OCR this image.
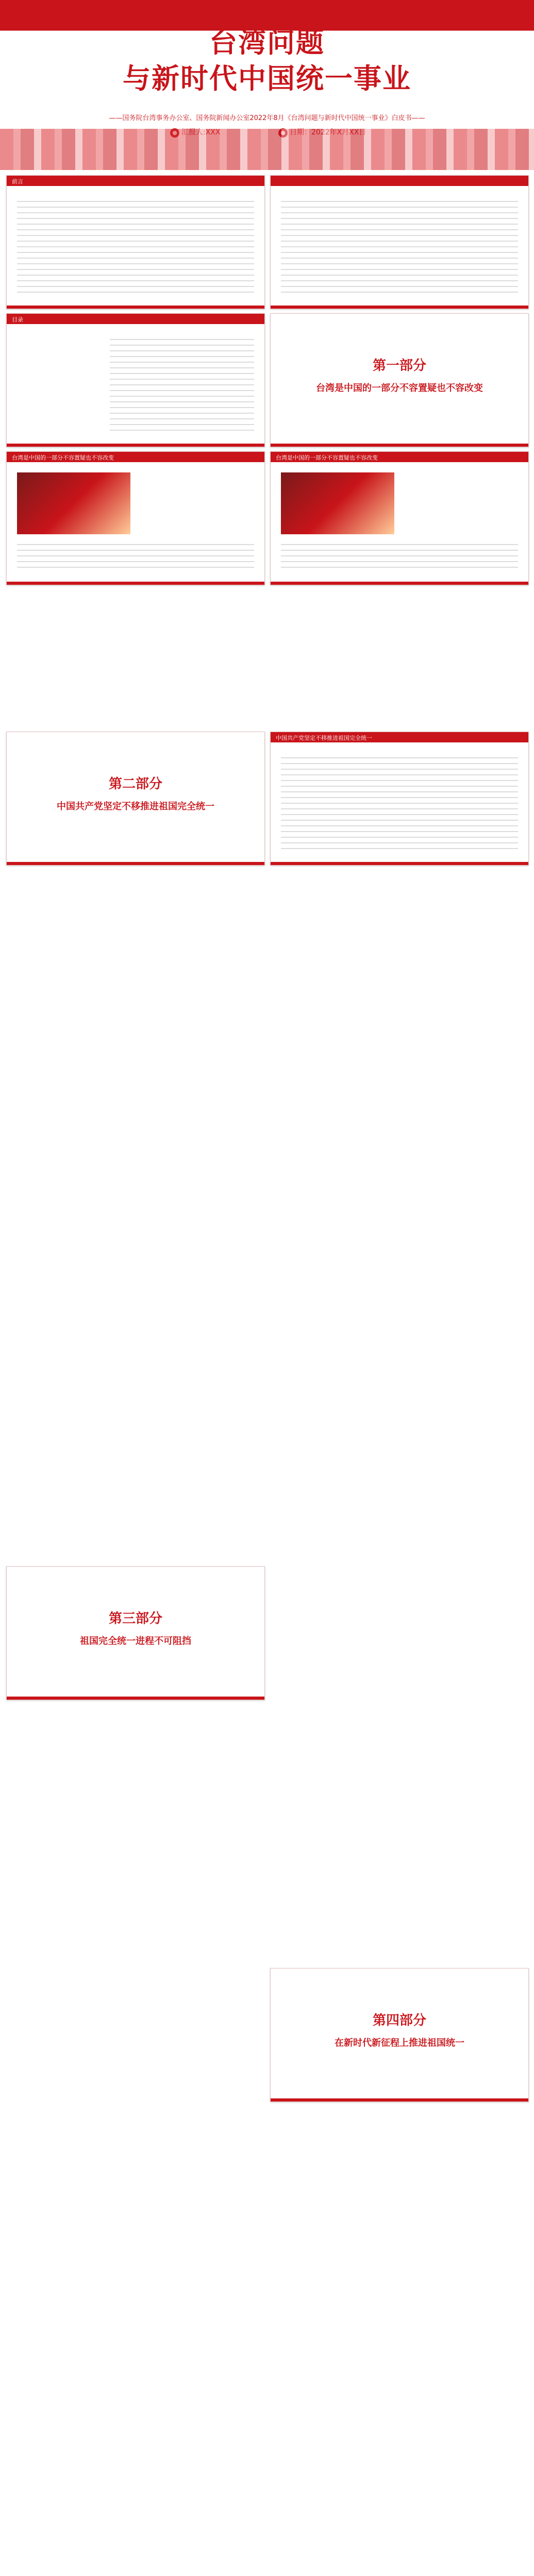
台湾问题
与新时代中国统一事业
——国务院台湾事务办公室、国务院新闻办公室2022年8月《台湾问题与新时代中国统一事业》白皮书——
前言
目录
第一部分
台湾是中国的一部分不容置疑也不容改变
台湾是中国的一部分不容置疑也不容改变	台湾是中国的一部分不容置疑也不容改变
第二部分
中国共产党坚定不移推进祖国完全统一
中国共产党坚定不移推进祖国完全统一
第三部分
祖国完全统一进程不可阻挡
第四部分
在新时代新征程上推进祖国统一
